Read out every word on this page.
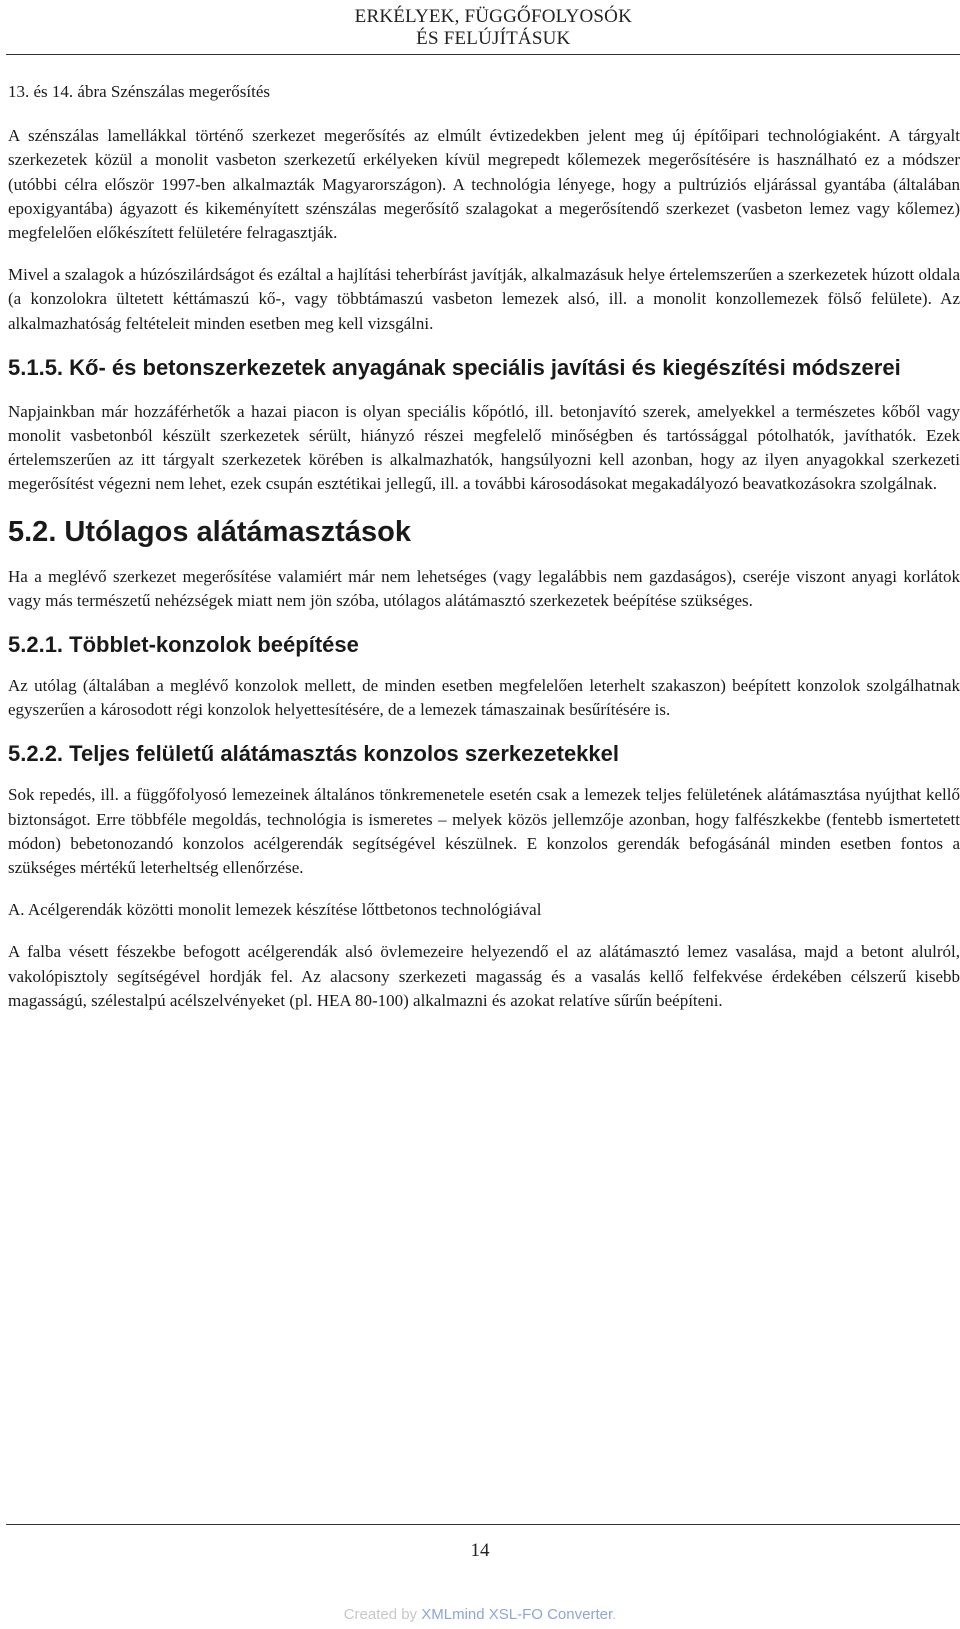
ERKÉLYEK, FÜGGŐFOLYOSÓK
ÉS FELÚJÍTÁSUK

13. és 14. ábra Szénszálas megerősítés

A szénszálas lamellákkal történő szerkezet megerősítés az elmúlt évtizedekben jelent meg új építőipari technológiaként. A tárgyalt szerkezetek közül a monolit vasbeton szerkezetű erkélyeken kívül megrepedt kőlemezek megerősítésére is használható ez a módszer (utóbbi célra először 1997-ben alkalmazták Magyarországon). A technológia lényege, hogy a pultrúziós eljárással gyantába (általában epoxigyantába) ágyazott és kikeményített szénszálas megerősítő szalagokat a megerősítendő szerkezet (vasbeton lemez vagy kőlemez) megfelelően előkészített felületére felragasztják.

Mivel a szalagok a húzószilárdságot és ezáltal a hajlítási teherbírást javítják, alkalmazásuk helye értelemszerűen a szerkezetek húzott oldala (a konzolokra ültetett kéttámaszú kő-, vagy többtámaszú vasbeton lemezek alsó, ill. a monolit konzollemezek fölső felülete). Az alkalmazhatóság feltételeit minden esetben meg kell vizsgálni.

5.1.5. Kő- és betonszerkezetek anyagának speciális javítási és kiegészítési módszerei

Napjainkban már hozzáférhetők a hazai piacon is olyan speciális kőpótló, ill. betonjavító szerek, amelyekkel a természetes kőből vagy monolit vasbetonból készült szerkezetek sérült, hiányzó részei megfelelő minőségben és tartóssággal pótolhatók, javíthatók. Ezek értelemszerűen az itt tárgyalt szerkezetek körében is alkalmazhatók, hangsúlyozni kell azonban, hogy az ilyen anyagokkal szerkezeti megerősítést végezni nem lehet, ezek csupán esztétikai jellegű, ill. a további károsodásokat megakadályozó beavatkozásokra szolgálnak.

5.2. Utólagos alátámasztások

Ha a meglévő szerkezet megerősítése valamiért már nem lehetséges (vagy legalábbis nem gazdaságos), cseréje viszont anyagi korlátok vagy más természetű nehézségek miatt nem jön szóba, utólagos alátámasztó szerkezetek beépítése szükséges.

5.2.1. Többlet-konzolok beépítése

Az utólag (általában a meglévő konzolok mellett, de minden esetben megfelelően leterhelt szakaszon) beépített konzolok szolgálhatnak egyszerűen a károsodott régi konzolok helyettesítésére, de a lemezek támaszainak besűrítésére is.

5.2.2. Teljes felületű alátámasztás konzolos szerkezetekkel

Sok repedés, ill. a függőfolyosó lemezeinek általános tönkremenetele esetén csak a lemezek teljes felületének alátámasztása nyújthat kellő biztonságot. Erre többféle megoldás, technológia is ismeretes – melyek közös jellemzője azonban, hogy falfészkekbe (fentebb ismertetett módon) bebetonozandó konzolos acélgerendák segítségével készülnek. E konzolos gerendák befogásánál minden esetben fontos a szükséges mértékű leterheltség ellenőrzése.

A. Acélgerendák közötti monolit lemezek készítése lőttbetonos technológiával

A falba vésett fészekbe befogott acélgerendák alsó övlemezeire helyezendő el az alátámasztó lemez vasalása, majd a betont alulról, vakolópisztoly segítségével hordják fel. Az alacsony szerkezeti magasság és a vasalás kellő felfekvése érdekében célszerű kisebb magasságú, szélestalpú acélszelvényeket (pl. HEA 80-100) alkalmazni és azokat relatíve sűrűn beépíteni.

14
Created by XMLmind XSL-FO Converter.
